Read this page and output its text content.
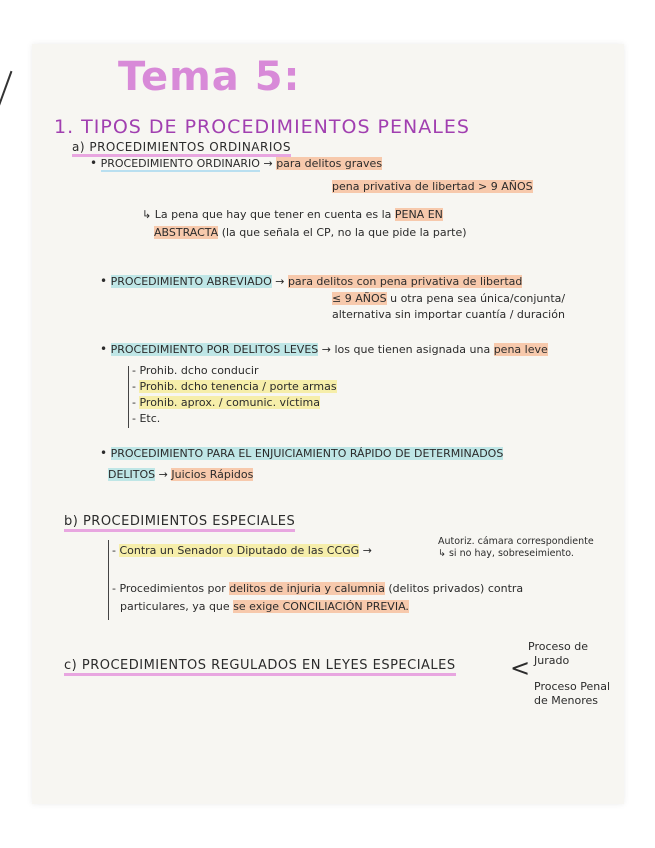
Tema 5:
1. TIPOS DE PROCEDIMIENTOS PENALES
a) PROCEDIMIENTOS ORDINARIOS
• PROCEDIMIENTO ORDINARIO → para delitos graves
pena privativa de libertad > 9 AÑOS
↳ La pena que hay que tener en cuenta es la PENA EN
ABSTRACTA (la que señala el CP, no la que pide la parte)
• PROCEDIMIENTO ABREVIADO → para delitos con pena privativa de libertad
≤ 9 AÑOS u otra pena sea única/conjunta/
alternativa sin importar cuantía / duración
• PROCEDIMIENTO POR DELITOS LEVES → los que tienen asignada una pena leve
- Prohib. dcho conducir
- Prohib. dcho tenencia / porte armas
- Prohib. aprox. / comunic. víctima
- Etc.
• PROCEDIMIENTO PARA EL ENJUICIAMIENTO RÁPIDO DE DETERMINADOS
DELITOS → Juicios Rápidos
b) PROCEDIMIENTOS ESPECIALES
- Contra un Senador o Diputado de las CCGG →
Autoriz. cámara correspondiente
↳ si no hay, sobreseimiento.
- Procedimientos por delitos de injuria y calumnia (delitos privados) contra
particulares, ya que se exige CONCILIACIÓN PREVIA.
c) PROCEDIMIENTOS REGULADOS EN LEYES ESPECIALES <
Proceso de
Jurado
Proceso Penal
de Menores
